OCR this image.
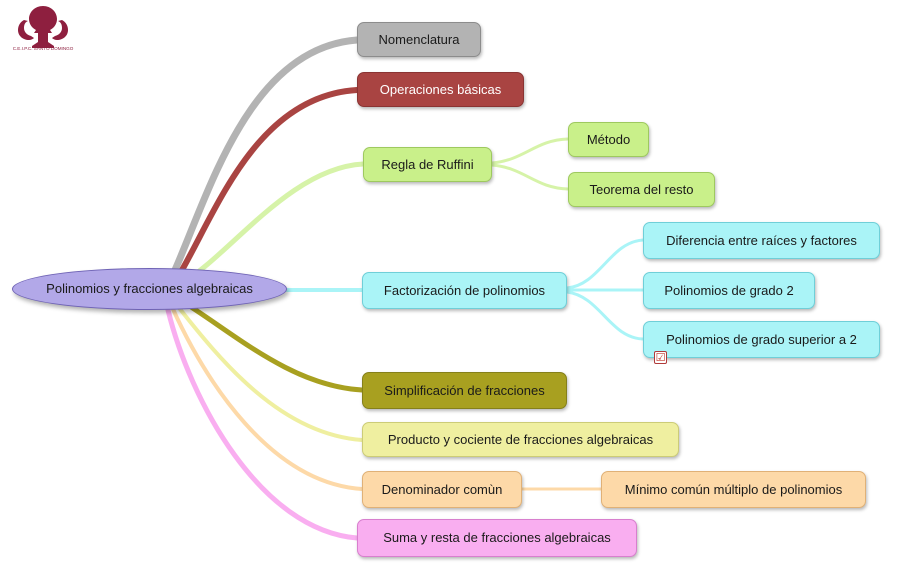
C.E.I.P.C. SANTO DOMINGO
Polinomios y fracciones algebraicas
Nomenclatura
Operaciones básicas
Regla de Ruffini
Método
Teorema del resto
Factorización de polinomios
Diferencia entre raíces y factores
Polinomios de grado 2
Polinomios de grado superior a 2
☑
Simplificación de fracciones
Producto y cociente de fracciones algebraicas
Denominador comùn	Mínimo común múltiplo de polinomios
Suma y resta de fracciones algebraicas
